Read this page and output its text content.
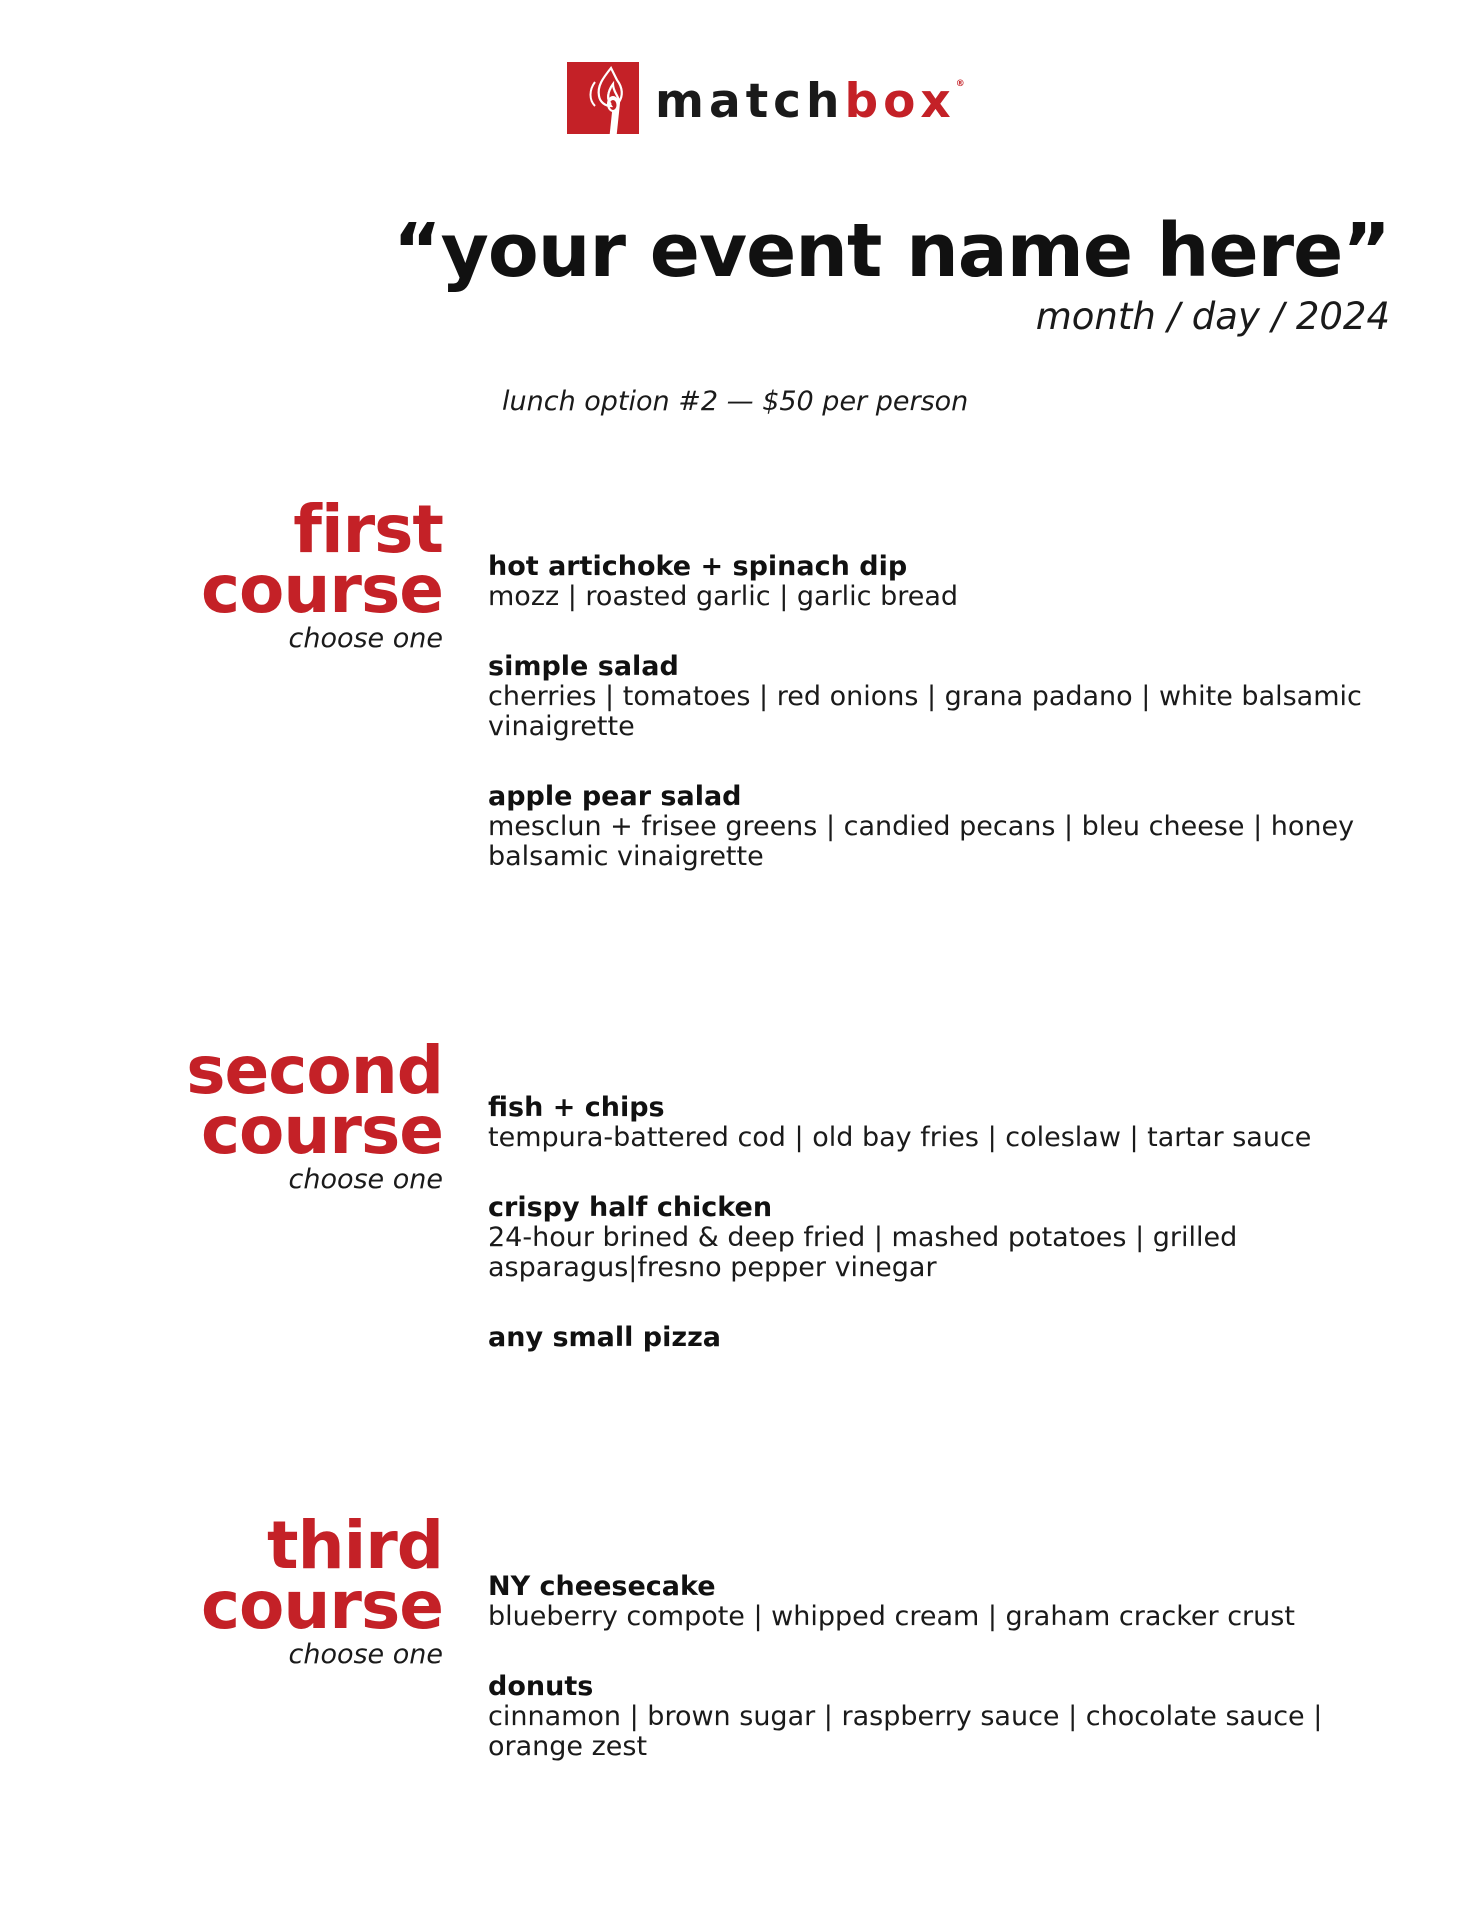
matchbox®
“your event name here”
month / day / 2024
lunch option #2 — $50 per person
first
course
choose one
hot artichoke + spinach dip
mozz | roasted garlic | garlic bread
simple salad
cherries | tomatoes | red onions | grana padano | white balsamic vinaigrette
apple pear salad
mesclun + frisee greens | candied pecans | bleu cheese | honey balsamic vinaigrette
second
course
choose one
fish + chips
tempura-battered cod | old bay fries | coleslaw | tartar sauce
crispy half chicken
24-hour brined & deep fried | mashed potatoes | grilled asparagus|fresno pepper vinegar
any small pizza
third
course
choose one
NY cheesecake
blueberry compote | whipped cream | graham cracker crust
donuts
cinnamon | brown sugar | raspberry sauce | chocolate sauce | orange zest
